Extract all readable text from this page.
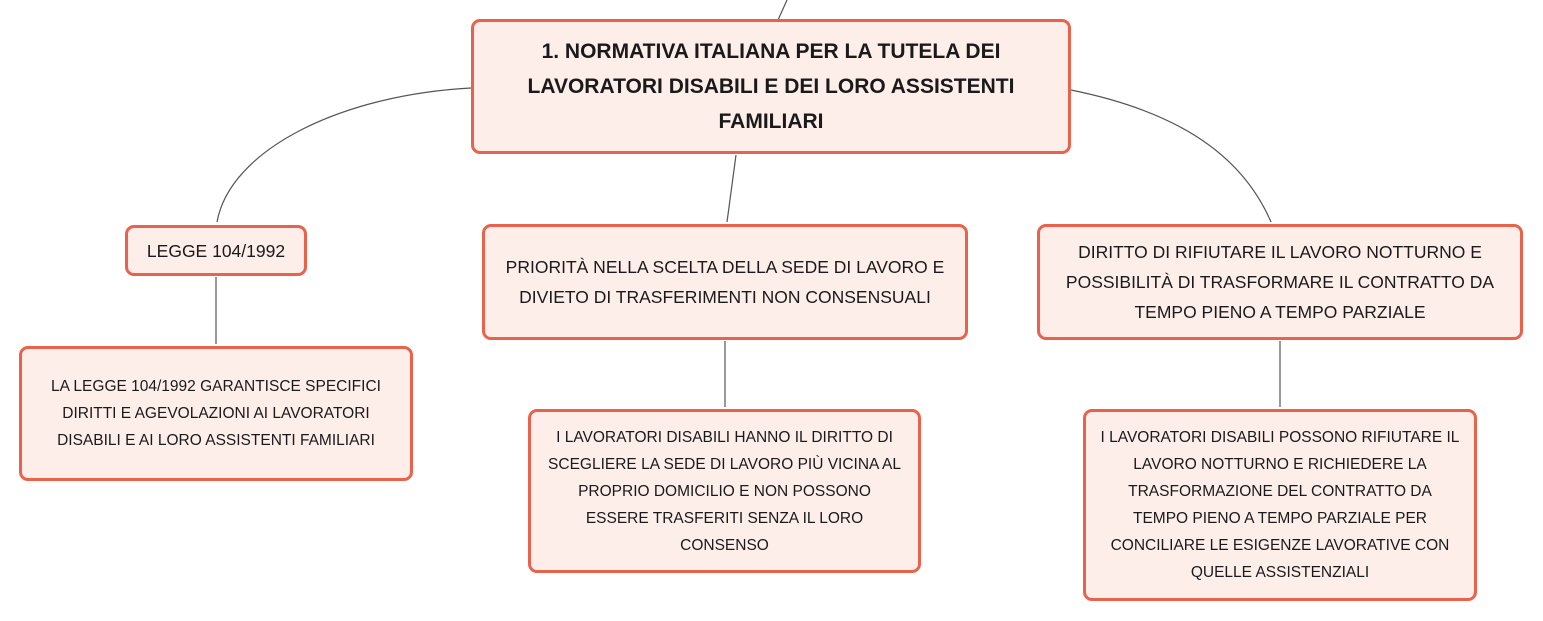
1. NORMATIVA ITALIANA PER LA TUTELA DEI LAVORATORI DISABILI E DEI LORO ASSISTENTI FAMILIARI
LEGGE 104/1992
PRIORITÀ NELLA SCELTA DELLA SEDE DI LAVORO E DIVIETO DI TRASFERIMENTI NON CONSENSUALI
DIRITTO DI RIFIUTARE IL LAVORO NOTTURNO E POSSIBILITÀ DI TRASFORMARE IL CONTRATTO DA TEMPO PIENO A TEMPO PARZIALE
LA LEGGE 104/1992 GARANTISCE SPECIFICI DIRITTI E AGEVOLAZIONI AI LAVORATORI DISABILI E AI LORO ASSISTENTI FAMILIARI	I LAVORATORI DISABILI HANNO IL DIRITTO DI SCEGLIERE LA SEDE DI LAVORO PIÙ VICINA AL PROPRIO DOMICILIO E NON POSSONO ESSERE TRASFERITI SENZA IL LORO CONSENSO
I LAVORATORI DISABILI POSSONO RIFIUTARE IL LAVORO NOTTURNO E RICHIEDERE LA TRASFORMAZIONE DEL CONTRATTO DA TEMPO PIENO A TEMPO PARZIALE PER CONCILIARE LE ESIGENZE LAVORATIVE CON QUELLE ASSISTENZIALI
